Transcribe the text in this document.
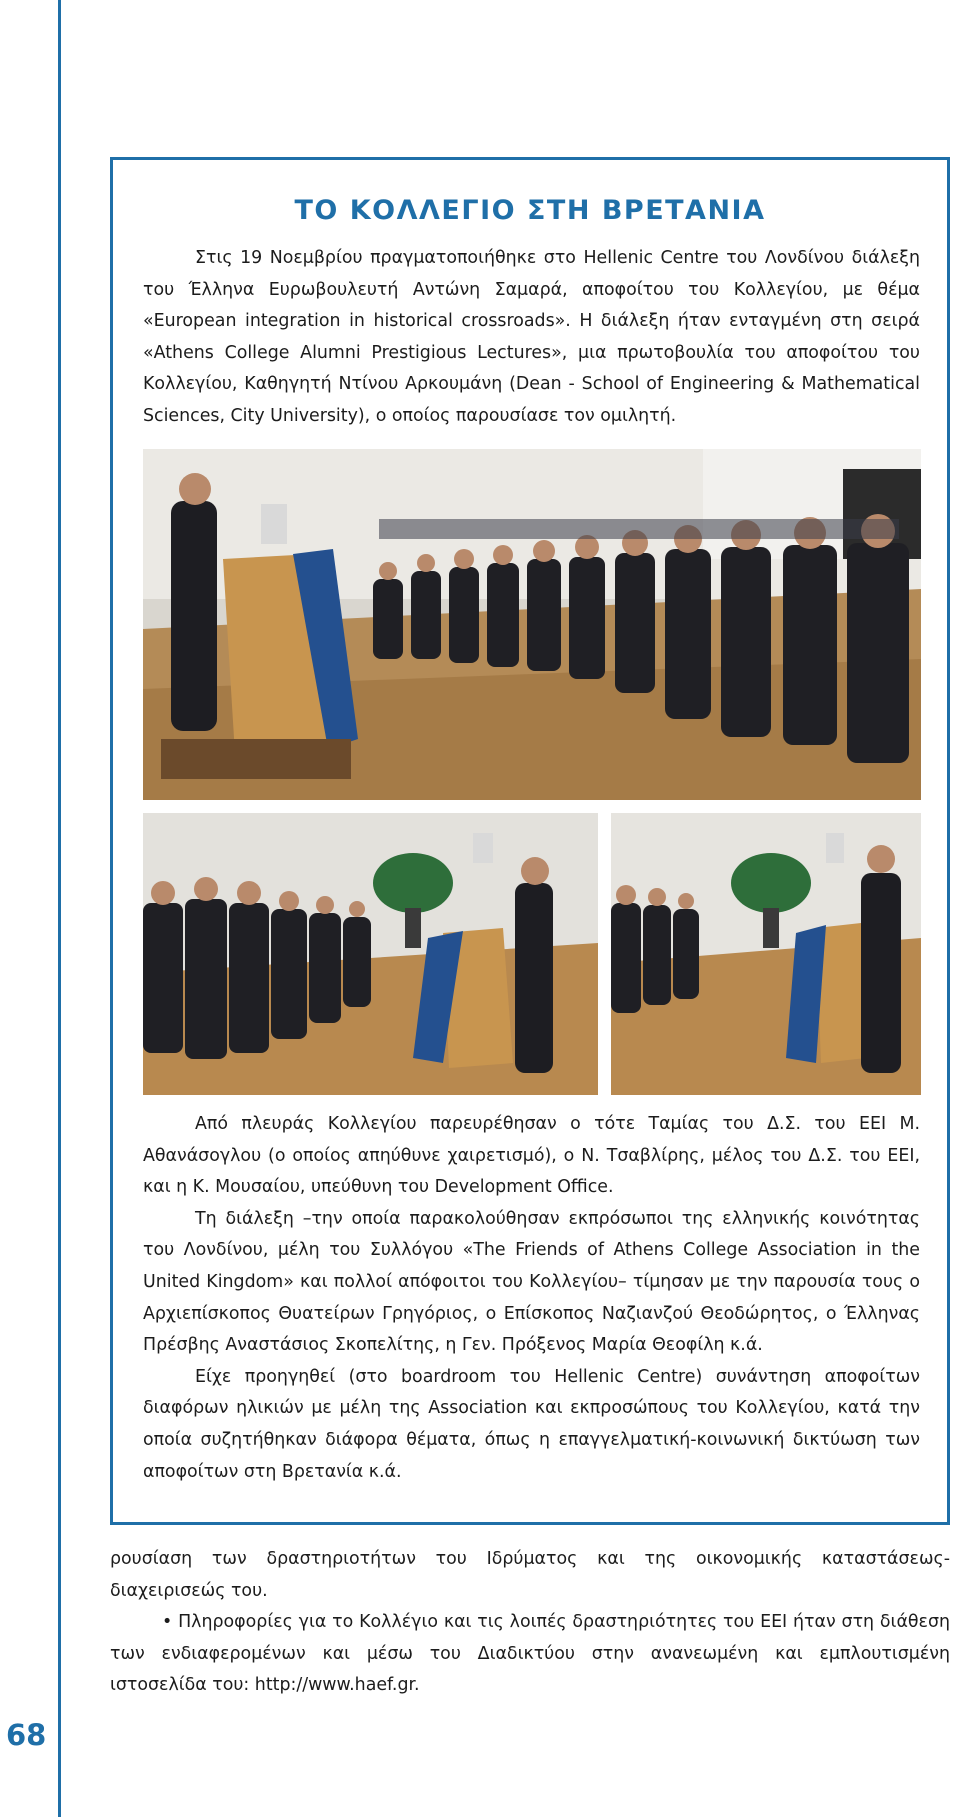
68
ΤΟ ΚΟΛΛΕΓΙΟ ΣΤΗ ΒΡΕΤΑΝΙΑ

Στις 19 Νοεμβρίου πραγματοποιήθηκε στο Hellenic Centre του Λονδίνου διάλεξη του Έλληνα Ευρωβουλευτή Αντώνη Σαμαρά, αποφοίτου του Κολλεγίου, με θέμα «European integration in historical crossroads». Η διάλεξη ήταν ενταγμένη στη σειρά «Athens College Alumni Prestigious Lectures», μια πρωτοβουλία του αποφοίτου του Κολλεγίου, Καθηγητή Ντίνου Αρκουμάνη (Dean - School of Engineering & Mathematical Sciences, City University), ο οποίος παρουσίασε τον ομιλητή.

Από πλευράς Κολλεγίου παρευρέθησαν ο τότε Ταμίας του Δ.Σ. του ΕΕΙ Μ. Αθανάσογλου (ο οποίος απηύθυνε χαιρετισμό), ο Ν. Τσαβλίρης, μέλος του Δ.Σ. του ΕΕΙ, και η Κ. Μουσαίου, υπεύθυνη του Development Office.

Τη διάλεξη –την οποία παρακολούθησαν εκπρόσωποι της ελληνικής κοινότητας του Λονδίνου, μέλη του Συλλόγου «The Friends of Athens College Association in the United Kingdom» και πολλοί απόφοιτοι του Κολλεγίου– τίμησαν με την παρουσία τους ο Αρχιεπίσκοπος Θυατείρων Γρηγόριος, ο Επίσκοπος Ναζιανζού Θεοδώρητος, ο Έλληνας Πρέσβης Αναστάσιος Σκοπελίτης, η Γεν. Πρόξενος Μαρία Θεοφίλη κ.ά.

Είχε προηγηθεί (στο boardroom του Hellenic Centre) συνάντηση αποφοίτων διαφόρων ηλικιών με μέλη της Association και εκπροσώπους του Κολλεγίου, κατά την οποία συζητήθηκαν διάφορα θέματα, όπως η επαγγελματική-κοινωνική δικτύωση των αποφοίτων στη Βρετανία κ.ά.

ρουσίαση των δραστηριοτήτων του Ιδρύματος και της οικονομικής καταστάσεως-διαχειρισεώς του.

• Πληροφορίες για το Κολλέγιο και τις λοιπές δραστηριότητες του ΕΕΙ ήταν στη διάθεση των ενδιαφερομένων και μέσω του Διαδικτύου στην ανανεωμένη και εμπλουτισμένη ιστοσελίδα του: http://www.haef.gr.
